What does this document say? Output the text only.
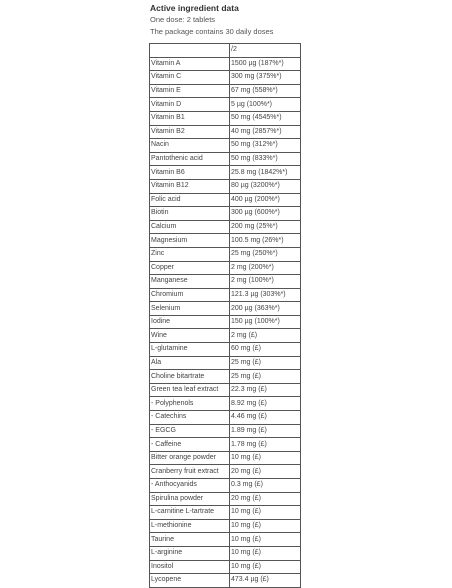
Active ingredient data
One dose: 2 tablets
The package contains 30 daily doses
	/2
Vitamin A	1500 µg (187%*)
Vitamin C	300 mg (375%*)
Vitamin E	67 mg (558%*)
Vitamin D	5 µg (100%*)
Vitamin B1	50 mg (4545%*)
Vitamin B2	40 mg (2857%*)
Nacin	50 mg (312%*)
Pantothenic acid	50 mg (833%*)
Vitamin B6	25.8 mg (1842%*)
Vitamin B12	80 µg (3200%*)
Folic acid	400 µg (200%*)
Biotin	300 µg (600%*)
Calcium	200 mg (25%*)
Magnesium	100.5 mg (26%*)
Zinc	25 mg (250%*)
Copper	2 mg (200%*)
Manganese	2 mg (100%*)
Chromium	121.3 µg (303%*)
Selenium	200 µg (363%*)
Iodine	150 µg (100%*)
Wine	2 mg (£)
L-glutamine	60 mg (£)
Ala	25 mg (£)
Choline bitartrate	25 mg (£)
Green tea leaf extract	22.3 mg (£)
- Polyphenols	8.92 mg (£)
- Catechins	4.46 mg (£)
- EGCG	1.89 mg (£)
- Caffeine	1.78 mg (£)
Bitter orange powder	10 mg (£)
Cranberry fruit extract	20 mg (£)
- Anthocyanids	0.3 mg (£)
Spirulina powder	20 mg (£)
L-carnitine L-tartrate	10 mg (£)
L-methionine	10 mg (£)
Taurine	10 mg (£)
L-arginine	10 mg (£)
Inositol	10 mg (£)
Lycopene	473.4 µg (£)
